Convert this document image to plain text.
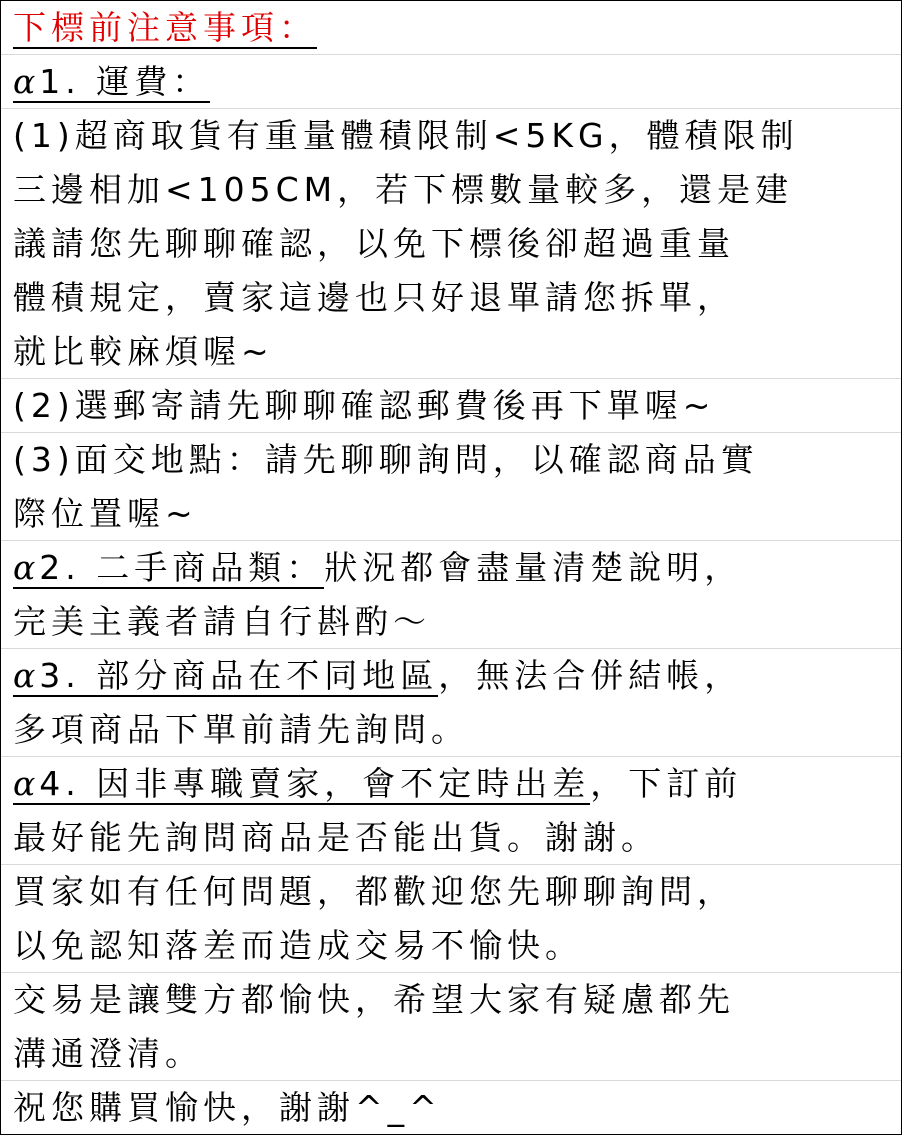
下標前注意事項：
α 1. 運費：
(1)超商取貨有重量體積限制<5KG，體積限制
三邊相加<105CM，若下標數量較多，還是建
議請您先聊聊確認，以免下標後卻超過重量
體積規定，賣家這邊也只好退單請您拆單，
就比較麻煩喔~
(2)選郵寄請先聊聊確認郵費後再下單喔~
(3)面交地點：請先聊聊詢問，以確認商品實
際位置喔~
α 2. 二手商品類：狀況都會盡量清楚說明，
完美主義者請自行斟酌～
α 3. 部分商品在不同地區，無法合併結帳，
多項商品下單前請先詢問。
α 4. 因非專職賣家，會不定時出差，下訂前
最好能先詢問商品是否能出貨。謝謝。
買家如有任何問題，都歡迎您先聊聊詢問，
以免認知落差而造成交易不愉快。
交易是讓雙方都愉快，希望大家有疑慮都先
溝通澄清。
祝您購買愉快，謝謝^_^
